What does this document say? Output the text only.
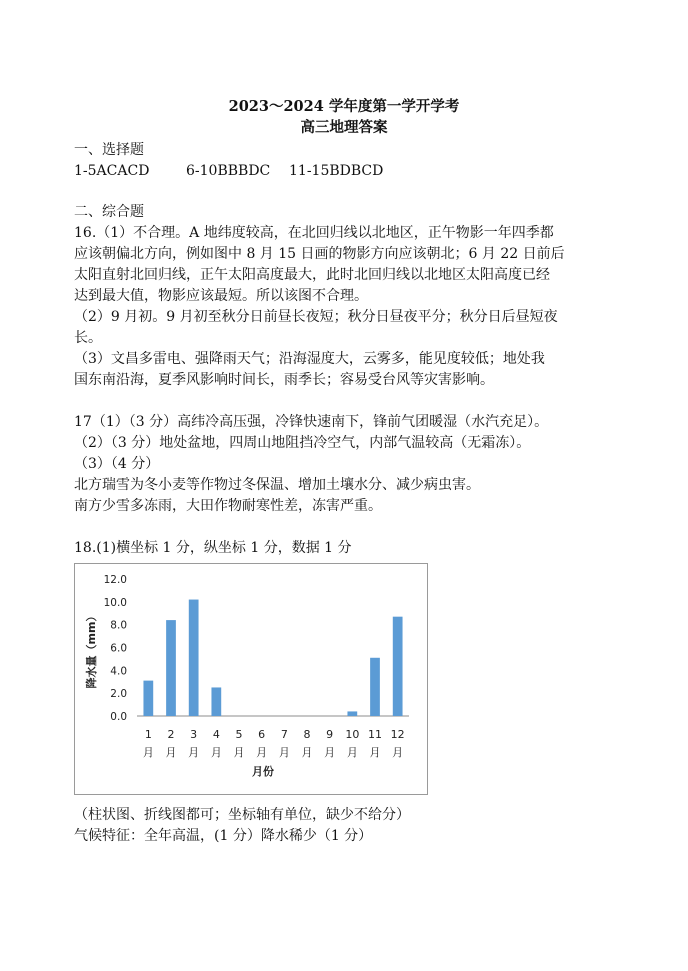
2023～2024 学年度第一学开学考
高三地理答案
一、选择题
1-5ACACD	6-10BBBDC 11-15BDBCD
二、综合题
16.（1）不合理。A 地纬度较高，在北回归线以北地区，正午物影一年四季都
应该朝偏北方向，例如图中 8 月 15 日画的物影方向应该朝北；6 月 22 日前后
太阳直射北回归线，正午太阳高度最大，此时北回归线以北地区太阳高度已经
达到最大值，物影应该最短。所以该图不合理。
（2）9 月初。9 月初至秋分日前昼长夜短；秋分日昼夜平分；秋分日后昼短夜
长。
（3）文昌多雷电、强降雨天气；沿海湿度大，云雾多，能见度较低；地处我
国东南沿海，夏季风影响时间长，雨季长；容易受台风等灾害影响。
17（1）（3 分）高纬冷高压强，冷锋快速南下，锋前气团暖湿（水汽充足）。
（2）（3 分）地处盆地，四周山地阻挡冷空气，内部气温较高（无霜冻）。
（3）（4 分）
北方瑞雪为冬小麦等作物过冬保温、增加土壤水分、减少病虫害。
南方少雪多冻雨，大田作物耐寒性差，冻害严重。
18.(1)横坐标 1 分，纵坐标 1 分，数据 1 分
降水量（mm）
月份
0.0
2.0
4.0
6.0
8.0
10.0
12.0
1 月
2 月
3 月
4 月
5 月
6 月
7 月
8 月
9 月
10 月
11 月
12 月
（柱状图、折线图都可；坐标轴有单位，缺少不给分）
气候特征：全年高温，(1 分）降水稀少（1 分）
